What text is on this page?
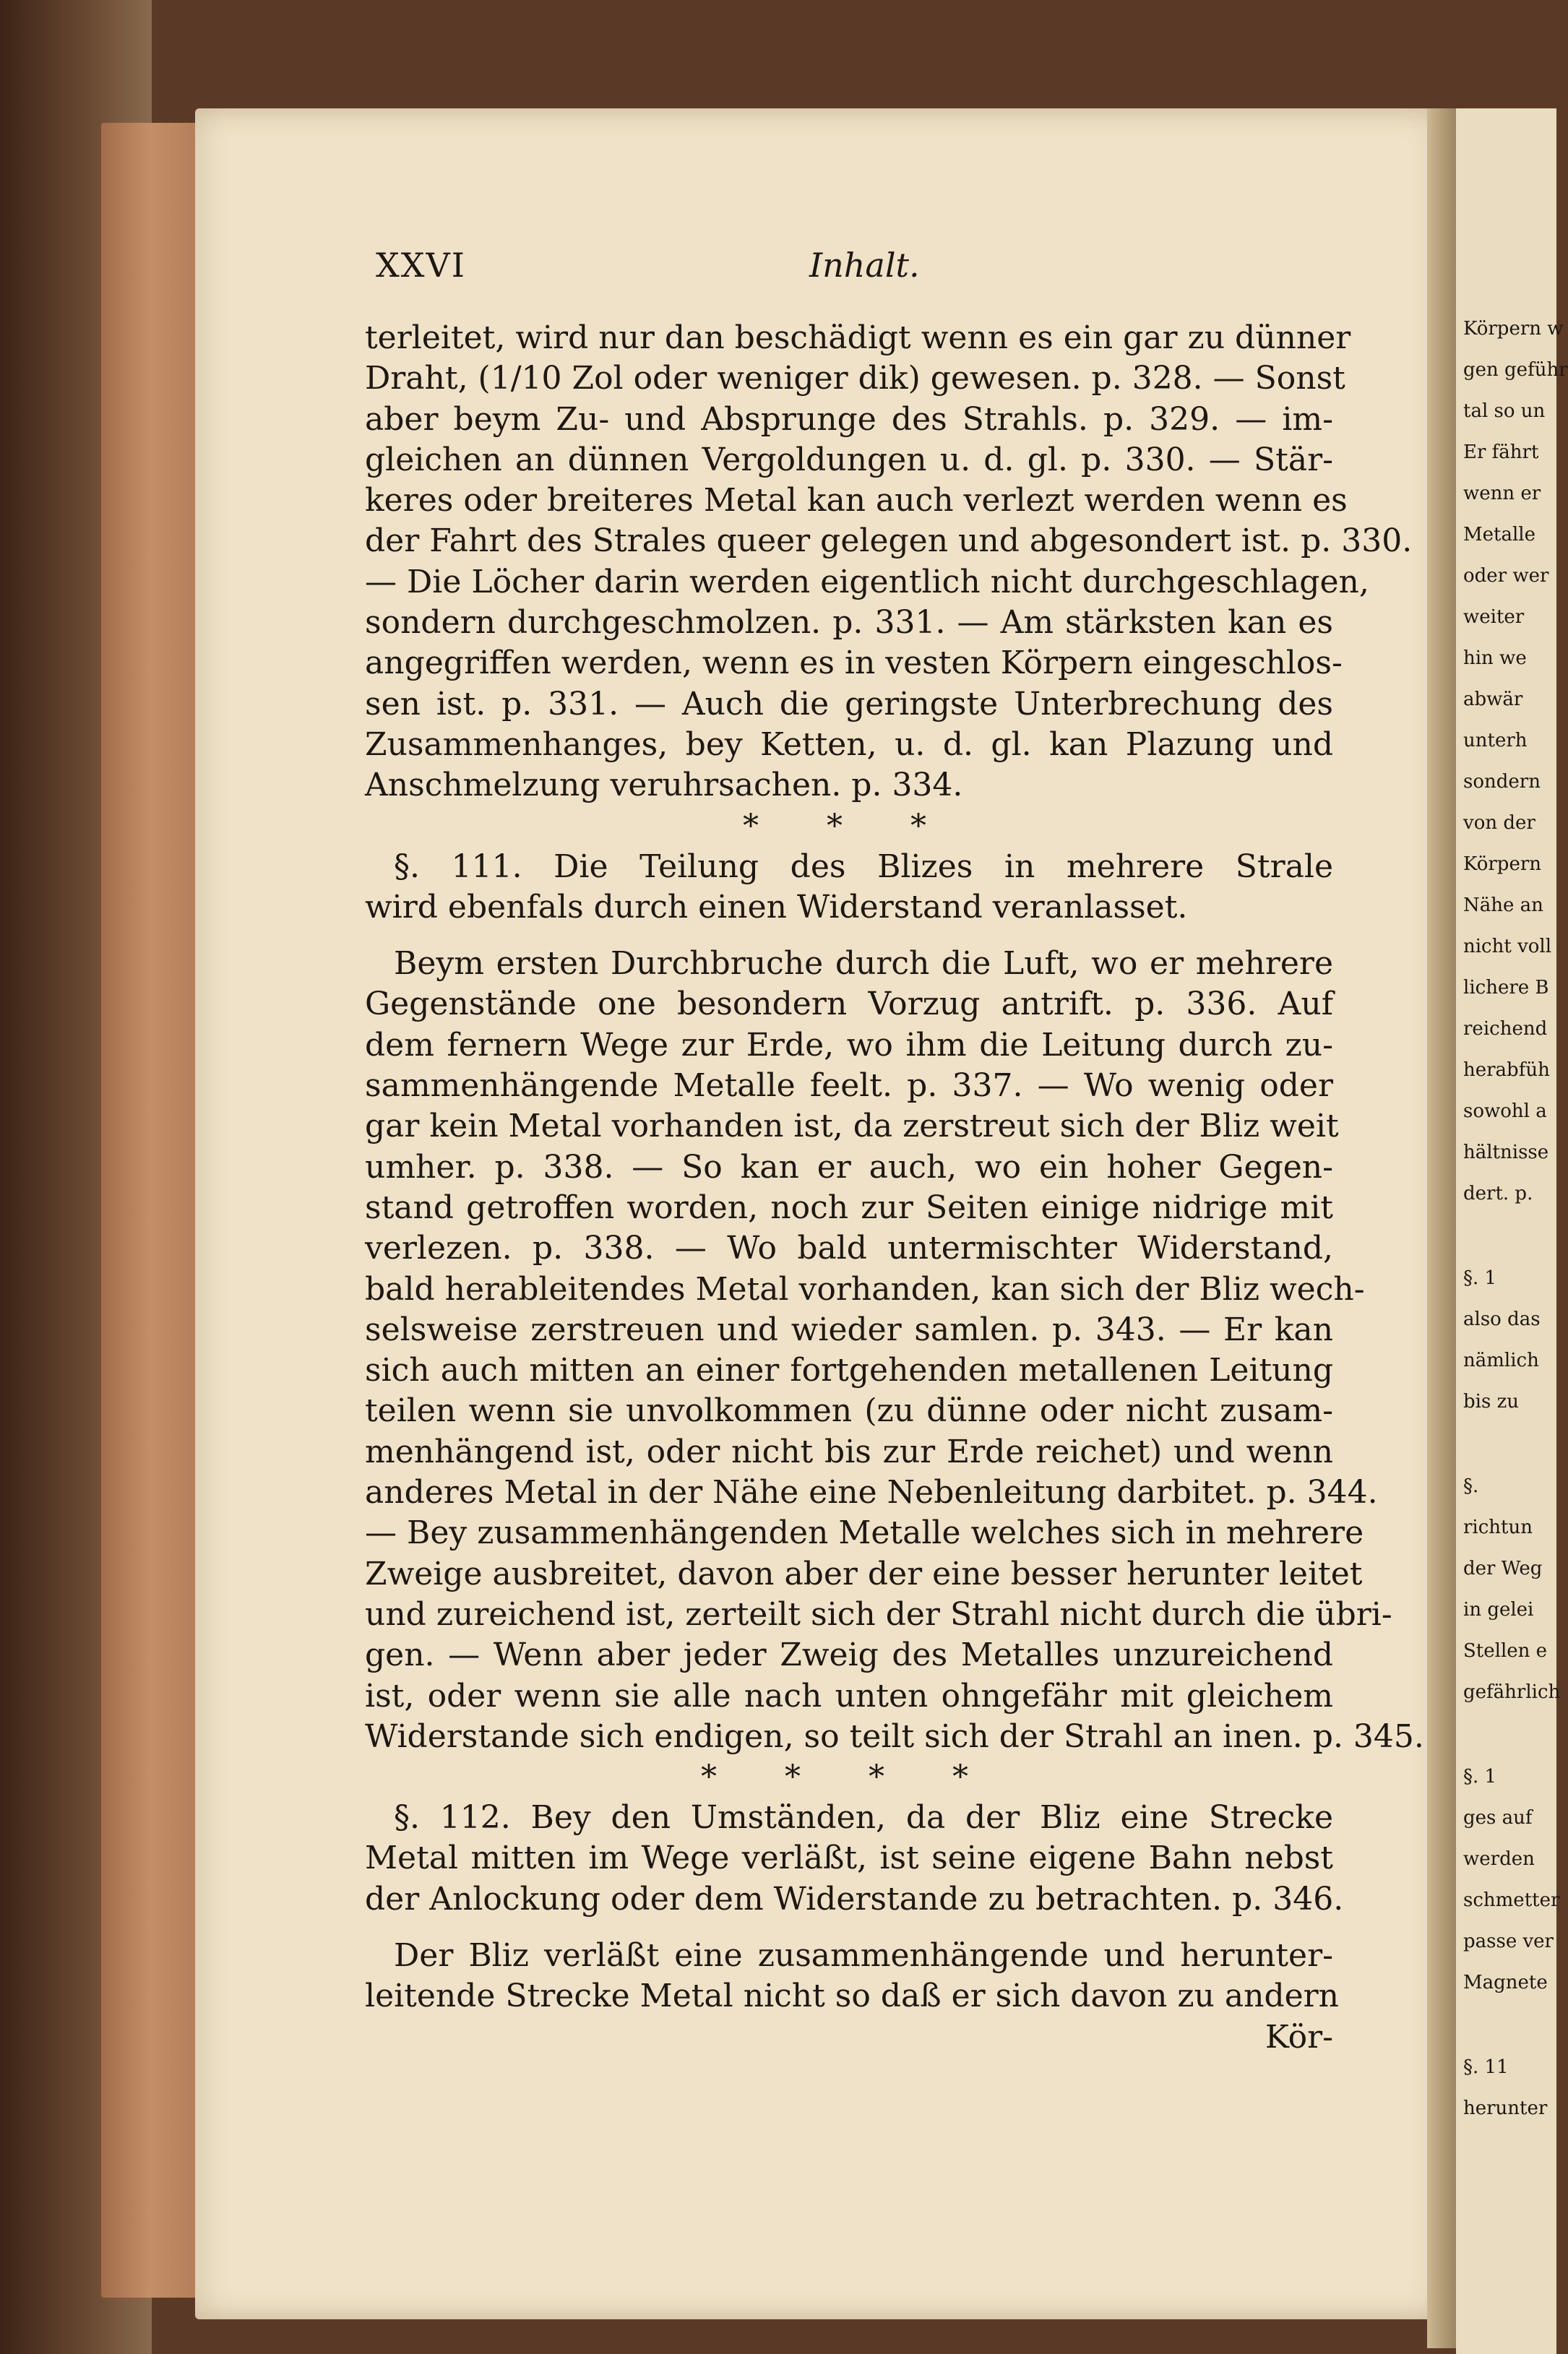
Körpern w
gen geführ
tal so un
Er fährt
wenn er
Metalle
oder wer
weiter
hin we
abwär
unterh
sondern
von der
Körpern
Nähe an
nicht voll
lichere B
reichend
herabfüh
sowohl a
hältnisse
dert. p.
§. 1
also das
nämlich
bis zu
§.
richtun
der Weg
in gelei
Stellen e
gefährlich
§. 1
ges auf
werden
schmetter
passe ver
Magnete
§. 11
herunter
XXVI	Inhalt.
terleitet, wird nur dan beschädigt wenn es ein gar zu dünner
Draht, (1/10 Zol oder weniger dik) gewesen. p. 328. — Sonst
aber beym Zu- und Absprunge des Strahls. p. 329. — im-
gleichen an dünnen Vergoldungen u. d. gl. p. 330. — Stär-
keres oder breiteres Metal kan auch verlezt werden wenn es
der Fahrt des Strales queer gelegen und abgesondert ist. p. 330.
— Die Löcher darin werden eigentlich nicht durchgeschlagen,
sondern durchgeschmolzen. p. 331. — Am stärksten kan es
angegriffen werden, wenn es in vesten Körpern eingeschlos-
sen ist. p. 331. — Auch die geringste Unterbrechung des
Zusammenhanges, bey Ketten, u. d. gl. kan Plazung und
Anschmelzung veruhrsachen. p. 334.
* * *
§. 111. Die Teilung des Blizes in mehrere Strale
wird ebenfals durch einen Widerstand veranlasset.
Beym ersten Durchbruche durch die Luft, wo er mehrere
Gegenstände one besondern Vorzug antrift. p. 336. Auf
dem fernern Wege zur Erde, wo ihm die Leitung durch zu-
sammenhängende Metalle feelt. p. 337. — Wo wenig oder
gar kein Metal vorhanden ist, da zerstreut sich der Bliz weit
umher. p. 338. — So kan er auch, wo ein hoher Gegen-
stand getroffen worden, noch zur Seiten einige nidrige mit
verlezen. p. 338. — Wo bald untermischter Widerstand,
bald herableitendes Metal vorhanden, kan sich der Bliz wech-
selsweise zerstreuen und wieder samlen. p. 343. — Er kan
sich auch mitten an einer fortgehenden metallenen Leitung
teilen wenn sie unvolkommen (zu dünne oder nicht zusam-
menhängend ist, oder nicht bis zur Erde reichet) und wenn
anderes Metal in der Nähe eine Nebenleitung darbitet. p. 344.
— Bey zusammenhängenden Metalle welches sich in mehrere
Zweige ausbreitet, davon aber der eine besser herunter leitet
und zureichend ist, zerteilt sich der Strahl nicht durch die übri-
gen. — Wenn aber jeder Zweig des Metalles unzureichend
ist, oder wenn sie alle nach unten ohngefähr mit gleichem
Widerstande sich endigen, so teilt sich der Strahl an inen. p. 345.
* * * *
§. 112. Bey den Umständen, da der Bliz eine Strecke
Metal mitten im Wege verläßt, ist seine eigene Bahn nebst
der Anlockung oder dem Widerstande zu betrachten. p. 346.
Der Bliz verläßt eine zusammenhängende und herunter-
leitende Strecke Metal nicht so daß er sich davon zu andern
Kör-
